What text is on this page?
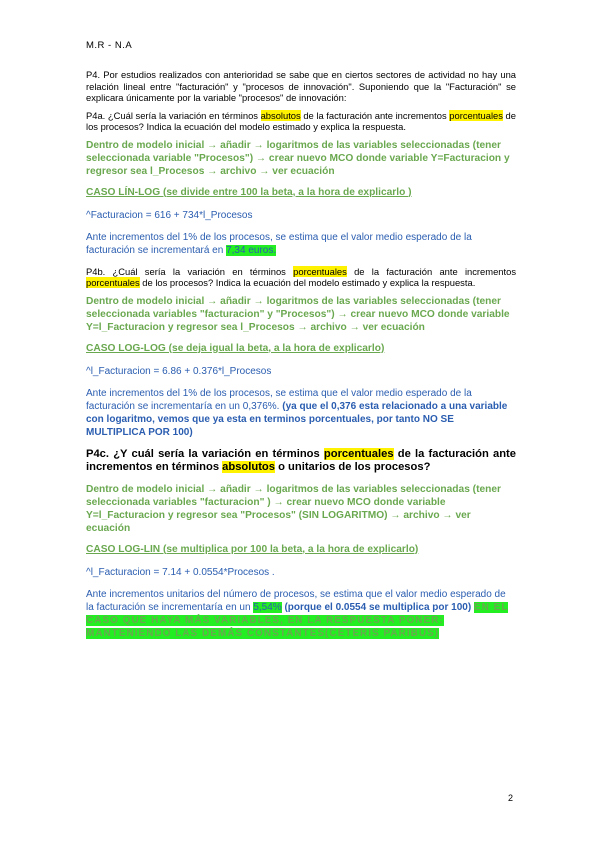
M.R - N.A

P4. Por estudios realizados con anterioridad se sabe que en ciertos sectores de actividad no hay una relación lineal entre "facturación" y "procesos de innovación". Suponiendo que la "Facturación" se explicara únicamente por la variable "procesos" de innovación:

P4a. ¿Cuál sería la variación en términos absolutos de la facturación ante incrementos porcentuales de los procesos? Indica la ecuación del modelo estimado y explica la respuesta.

Dentro de modelo inicial → añadir → logaritmos de las variables seleccionadas (tener seleccionada variable "Procesos") → crear nuevo MCO donde variable Y=Facturacion y regresor sea l_Procesos → archivo → ver ecuación

CASO LÍN-LOG (se divide entre 100 la beta, a la hora de explicarlo )

^Facturacion = 616 + 734*l_Procesos

Ante incrementos del 1% de los procesos, se estima que el valor medio esperado de la facturación se incrementará en 7,34 euros.

P4b. ¿Cuál sería la variación en términos porcentuales de la facturación ante incrementos porcentuales de los procesos? Indica la ecuación del modelo estimado y explica la respuesta.

Dentro de modelo inicial → añadir → logaritmos de las variables seleccionadas (tener seleccionada variables "facturacion" y "Procesos") → crear nuevo MCO donde variable Y=l_Facturacion y regresor sea l_Procesos → archivo → ver ecuación

CASO LOG-LOG (se deja igual la beta, a la hora de explicarlo)

^l_Facturacion = 6.86 + 0.376*l_Procesos

Ante incrementos del 1% de los procesos, se estima que el valor medio esperado de la facturación se incrementaría en un 0,376%. (ya que el 0,376 esta relacionado a una variable con logaritmo, vemos que ya esta en terminos porcentuales, por tanto NO SE MULTIPLICA POR 100)

P4c. ¿Y cuál sería la variación en términos porcentuales de la facturación ante incrementos en términos absolutos o unitarios de los procesos?

Dentro de modelo inicial → añadir → logaritmos de las variables seleccionadas (tener seleccionada variables "facturacion" ) → crear nuevo MCO donde variable Y=l_Facturacion y regresor sea "Procesos" (SIN LOGARITMO) → archivo → ver ecuación

CASO LOG-LIN (se multiplica por 100 la beta, a la hora de explicarlo)

^l_Facturacion = 7.14 + 0.0554*Procesos .

Ante incrementos unitarios del número de procesos, se estima que el valor medio esperado de la facturación se incrementaría en un 5,54% (porque el 0.0554 se multiplica por 100) EN EL CASO QUE HAYA MÁS VARIABLES, EN LA RESPUESTA PONER: MANTENIENDO LAS DEMÁS CONSTANTES(CETERIS PARIBUS)

2
